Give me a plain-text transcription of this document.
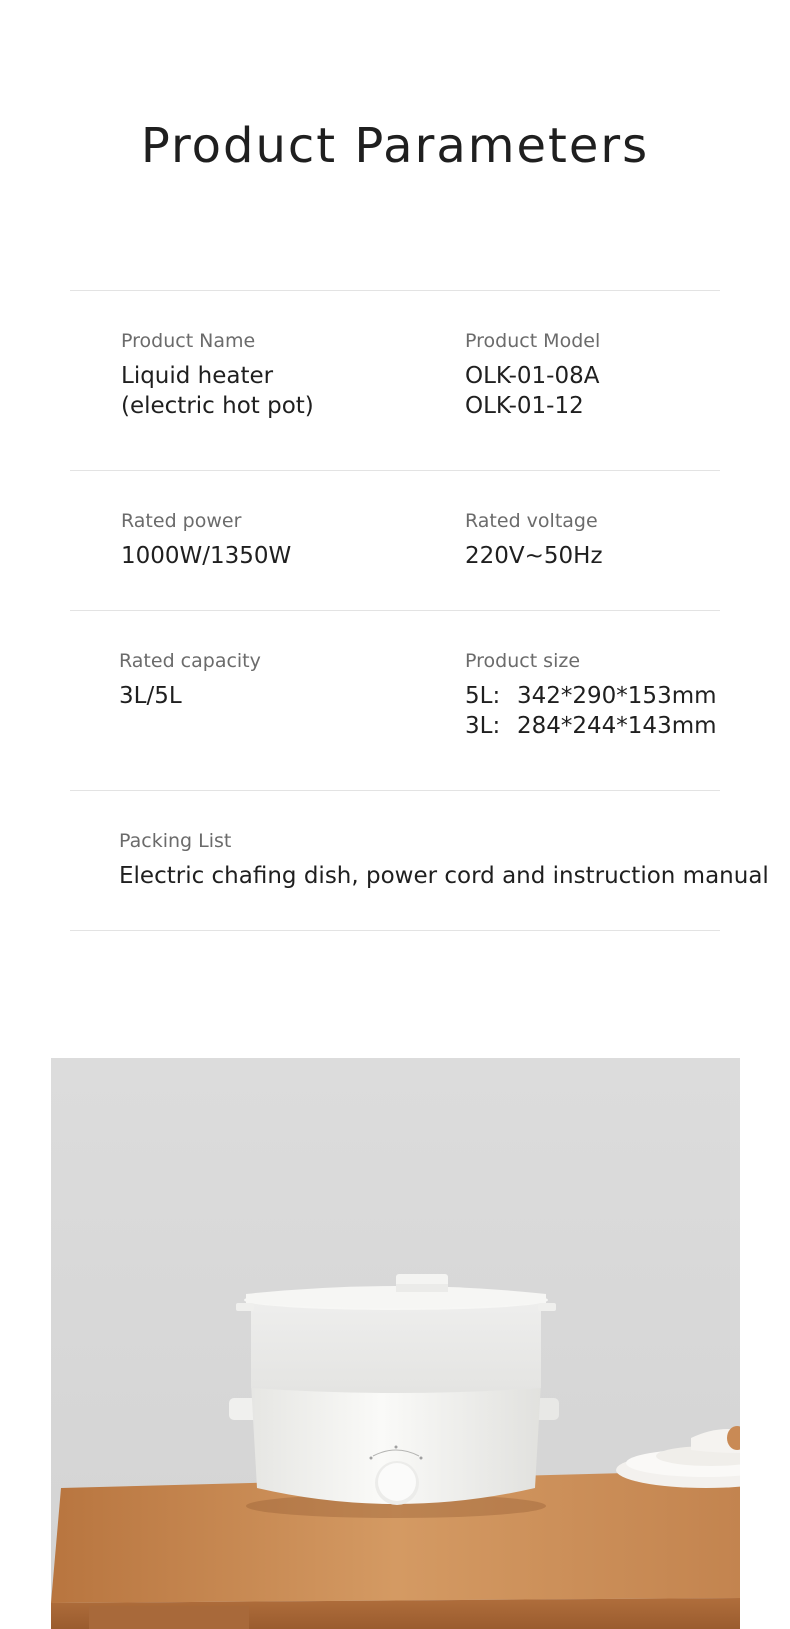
Product Parameters
Product Name
Liquid heater
(electric hot pot)
Product Model
OLK-01-08A
OLK-01-12
Rated power
1000W/1350W
Rated voltage
220V~50Hz
Rated capacity
3L/5L
Product size
5L: 342*290*153mm
3L: 284*244*143mm
Packing List
Electric chafing dish, power cord and instruction manual
